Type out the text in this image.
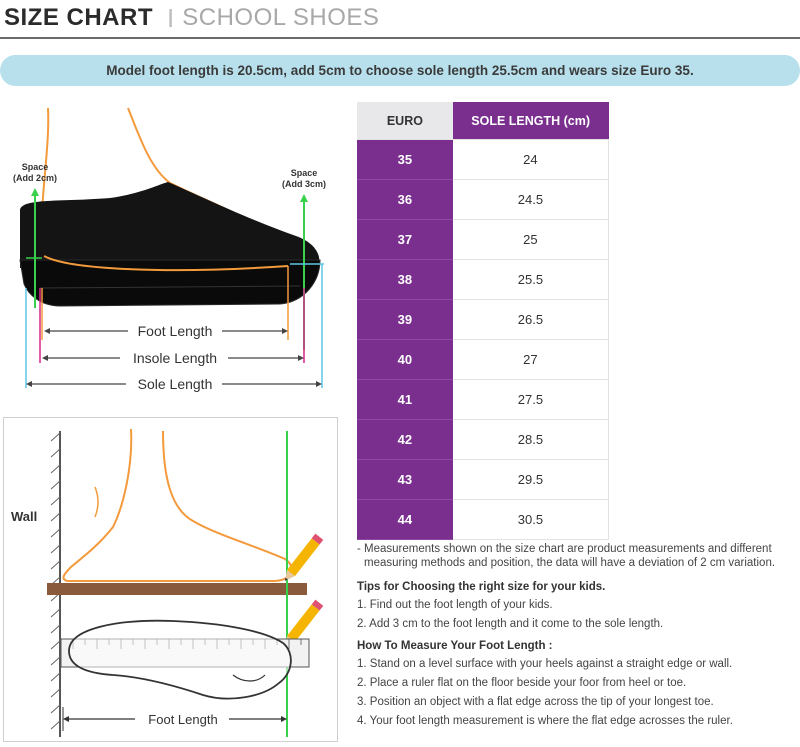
SIZE CHART I SCHOOL SHOES
Model foot length is 20.5cm, add 5cm to choose sole length 25.5cm and wears size Euro 35.
Space
(Add 2cm)	Space
(Add 3cm)
Foot Length
Insole Length
Sole Length
Wall
Foot Length
EURO	SOLE LENGTH (cm)
35	24
36	24.5
37	25
38	25.5
39	26.5
40	27
41	27.5
42	28.5
43	29.5
44	30.5

- Measurements shown on the size chart are product measurements and different measuring methods and position, the data will have a deviation of 2 cm variation.

Tips for Choosing the right size for your kids.
1. Find out the foot length of your kids.
2. Add 3 cm to the foot length and it come to the sole length.
How To Measure Your Foot Length :
1. Stand on a level surface with your heels against a straight edge or wall.
2. Place a ruler flat on the floor beside your foor from heel or toe.
3. Position an object with a flat edge across the tip of your longest toe.
4. Your foot length measurement is where the flat edge acrosses the ruler.
